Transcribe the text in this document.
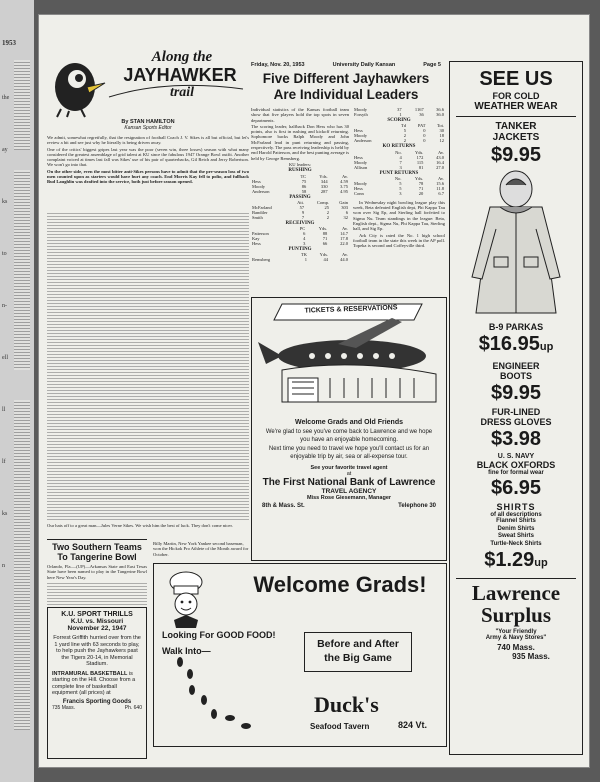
1953
the
ay
ks
to
n-
ell
ll
lf
ks
n
Along the
JAYHAWKER
trail
By STAN HAMILTON
Kansan Sports Editor

We admit, somewhat regretfully, that the resignation of football Coach J. V. Sikes is all but official, but let's review a bit and see just why he literally is being driven away.

One of the critics' biggest gripes last year was the poor (seven win, three losses) season with what many considered the greatest assemblage of grid talent at KU since the fabulous 1947 Orange Bowl outfit. Another complaint voiced at times last fall was Sikes' use of his pair of quarterbacks, Gil Reich and Jerry Robertson. We won't go into that.

On the other side, even the most bitter anti-Sikes persons have to admit that the pre-season loss of two men counted upon as starters would have hurt any coach. End Morris Kay fell to polio, and fullback Bud Laughlin was drafted into the service, both just before season opened.

Our hats off to a great man—Jules Verne Sikes. We wish him the best of luck. They don't come nicer.

Two Southern Teams To Tangerine Bowl
Orlando, Fla.—(UP)—Arkansas State and East Texas State have been named to play in the Tangerine Bowl here New Year's Day.
Billy Martin, New York Yankee second baseman, won the Hickok Pro Athlete of the Month award for October.
K.U. SPORT THRILLS
K.U. vs. Missouri
November 22, 1947
Forrest Griffith hurried over from the 1 yard line with 63 seconds to play, to help push the Jayhawkers past the Tigers 20-14, in Memorial Stadium.
INTRAMURAL BASKETBALL is starting on the Hill. Choose from a complete line of basketball equipment (all prices) at
Francis Sporting Goods
735 Mass.	Ph. 640
Friday, Nov. 20, 1953	University Daily Kansan	Page 5
Five Different Jayhawkers
Are Individual Leaders

Individual statistics of the Kansas football team show that five players hold the top spots in seven departments.

The scoring leader, halfback Don Hess who has 30 points, also is first in rushing and kickoff returning. Sophomore backs Ralph Moody and John McFarland lead in punt returning and passing, respectively. The pass receiving leadership is held by end Harold Patterson, and the best punting average is held by George Remsberg.

KU leaders:

RUSHING
	TC	Yds.	Av.
Hess	75	344	4.59
Moody	86	330	3.75
Anderson	58	287	4.95
PASSING
	Att.	Comp.	Gain
McFarland	57	25	303
Bandiler	9	2	6
Smith	7	2	32
RECEIVING
	PC	Yds.	Av.
Patterson	6	88	14.7
Kay	4	71	17.8
Hess	3	66	22.0
PUNTING
	TK	Yds.	Av.
Remsberg	1	44	44.0
Moody		37	1167	36.6
Forsyth		1	36	36.0
SCORING
	Td	PAT	Tot.
Hess	5	0	30
Moody	2	0	18
Anderson	2	0	12
KO RETURNS
	No.	Yds.	Av.
Hess	4	172	43.0
Moody	7	115	16.4
Allison	3	81	27.0
PUNT RETURNS
	No.	Yds.	Av.
Moody	5	78	15.6
Hess	5	71	11.8
Conn	3	20	6.7

In Wednesday night bowling league play this week, Beta defeated English dept, Phi Kappa Tau won over Sig Ep, and Sterling hall forfeited to Sigma Nu. Team standings in the league: Beta, English dept., Sigma Nu, Phi Kappa Tau, Sterling hall, and Sig Ep.

Ark City is rated the No. 1 high school football team in the state this week in the AP poll. Topeka is second and Coffeyville third.

TICKETS & RESERVATIONS
Welcome Grads and Old Friends
We're glad to see you've come back to Lawrence and we hope you have an enjoyable homecoming.
Next time you need to travel we hope you'll contact us for an enjoyable trip by air, sea or all-expense tour.
See your favorite travel agent
at
The First National Bank of Lawrence
TRAVEL AGENCY
Miss Rose Giesemann, Manager
8th & Mass. St.	Telephone 30
Welcome Grads!
Looking For GOOD FOOD!
Walk Into—
Before and After
the Big Game
Duck's
Seafood Tavern	824 Vt.
SEE US
FOR COLD
WEATHER WEAR
TANKER JACKETS
$9.95
B-9 PARKAS
$16.95up
ENGINEER BOOTS
$9.95
FUR-LINED DRESS GLOVES
$3.98
U. S. NAVY
BLACK OXFORDS
fine for formal wear
$6.95
SHIRTS
of all descriptions
Flannel Shirts
Denim Shirts
Sweat Shirts
Turtle-Neck Shirts
$1.29up
Lawrence
Surplus
"Your Friendly
Army & Navy Stores"
740 Mass.
935 Mass.
